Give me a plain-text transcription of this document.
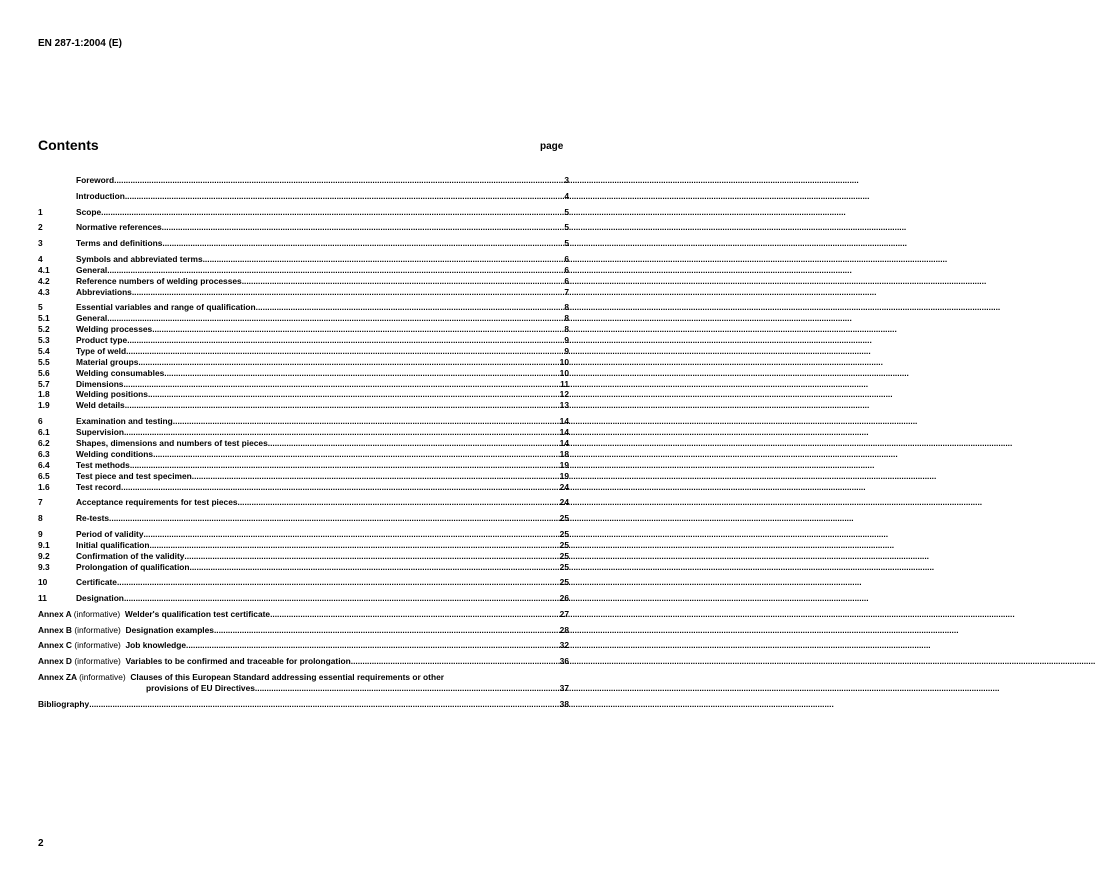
EN 287-1:2004 (E)
Contents	page
Foreword .....	3
Introduction .....	4
1	Scope .....	5
2	Normative references .....	5
3	Terms and definitions .....	5
4	Symbols and abbreviated terms .....	6
4.1	General .....	6
4.2	Reference numbers of welding processes .....	6
4.3	Abbreviations .....	7
5	Essential variables and range of qualification .....	8
5.1	General .....	8
5.2	Welding processes .....	8
5.3	Product type .....	9
5.4	Type of weld .....	9
5.5	Material groups .....	10
5.6	Welding consumables .....	10
5.7	Dimensions .....	11
1.8	Welding positions .....	12
1.9	Weld details .....	13
6	Examination and testing .....	14
6.1	Supervision .....	14
6.2	Shapes, dimensions and numbers of test pieces .....	14
6.3	Welding conditions .....	18
6.4	Test methods .....	19
6.5	Test piece and test specimen .....	19
1.6	Test record .....	24
7	Acceptance requirements for test pieces .....	24
8	Re-tests .....	25
9	Period of validity .....	25
9.1	Initial qualification .....	25
9.2	Confirmation of the validity .....	25
9.3	Prolongation of qualification .....	25
10	Certificate .....	25
11	Designation .....	26
Annex A (informative) Welder's qualification test certificate .....	27
Annex B (informative) Designation examples .....	28
Annex C (informative) Job knowledge .....	32
Annex D (informative) Variables to be confirmed and traceable for prolongation .....	36
Annex ZA (informative) Clauses of this European Standard addressing essential requirements or other
provisions of EU Directives .....	37
Bibliography .....	38
2
